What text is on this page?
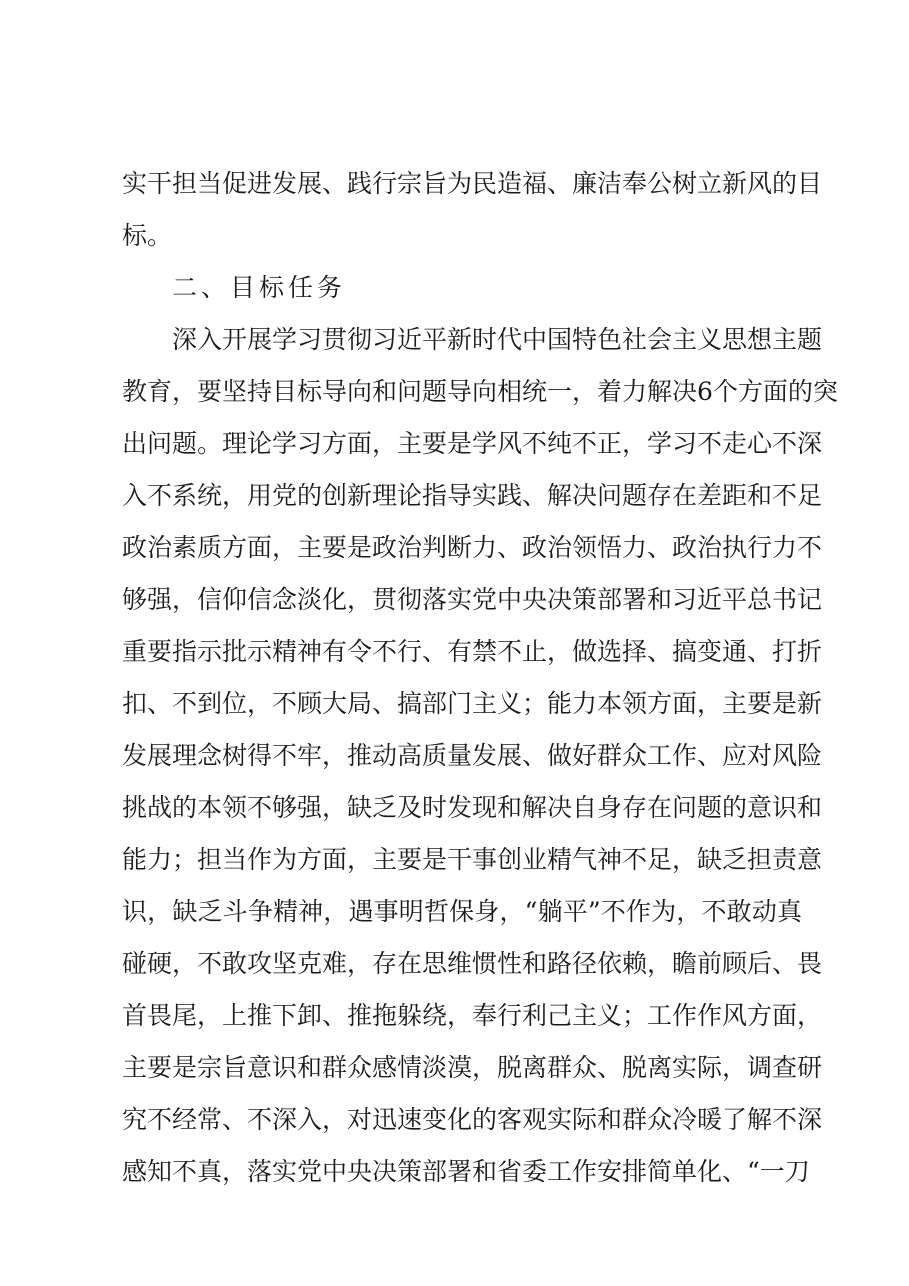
实干担当促进发展、践行宗旨为民造福、廉洁奉公树立新风的目
标。
二、目标任务
深入开展学习贯彻习近平新时代中国特色社会主义思想主题
教育，要坚持目标导向和问题导向相统一，着力解决6个方面的突
出问题。理论学习方面，主要是学风不纯不正，学习不走心不深
入不系统，用党的创新理论指导实践、解决问题存在差距和不足
政治素质方面，主要是政治判断力、政治领悟力、政治执行力不
够强，信仰信念淡化，贯彻落实党中央决策部署和习近平总书记
重要指示批示精神有令不行、有禁不止，做选择、搞变通、打折
扣、不到位，不顾大局、搞部门主义；能力本领方面，主要是新
发展理念树得不牢，推动高质量发展、做好群众工作、应对风险
挑战的本领不够强，缺乏及时发现和解决自身存在问题的意识和
能力；担当作为方面，主要是干事创业精气神不足，缺乏担责意
识，缺乏斗争精神，遇事明哲保身，“躺平”不作为，不敢动真
碰硬，不敢攻坚克难，存在思维惯性和路径依赖，瞻前顾后、畏
首畏尾，上推下卸、推拖躲绕，奉行利己主义；工作作风方面，
主要是宗旨意识和群众感情淡漠，脱离群众、脱离实际，调查研
究不经常、不深入，对迅速变化的客观实际和群众冷暖了解不深
感知不真，落实党中央决策部署和省委工作安排简单化、“一刀
